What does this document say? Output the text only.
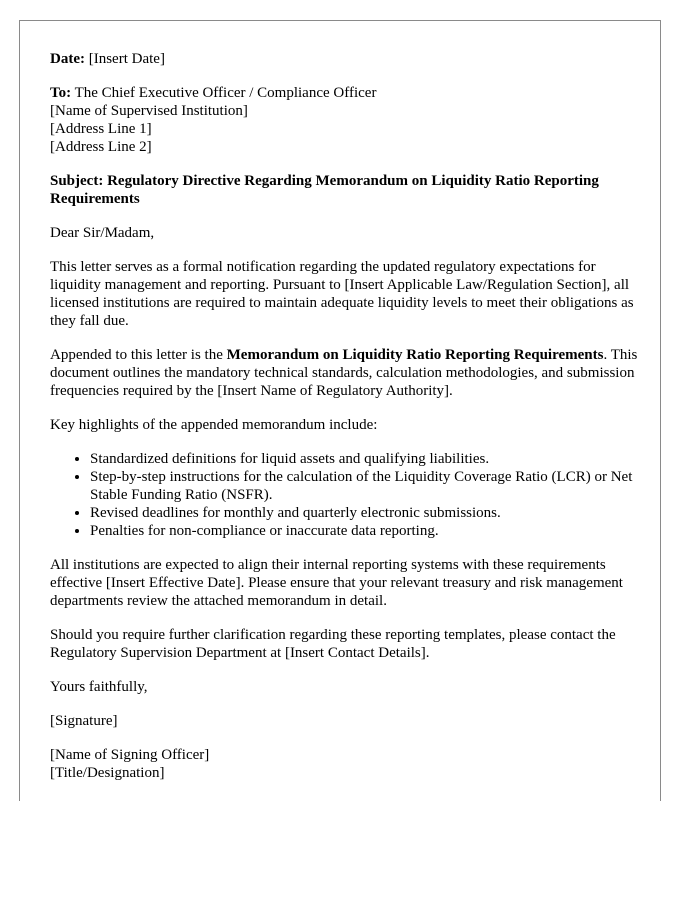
Date: [Insert Date]

To: The Chief Executive Officer / Compliance Officer
[Name of Supervised Institution]
[Address Line 1]
[Address Line 2]

Subject: Regulatory Directive Regarding Memorandum on Liquidity Ratio Reporting Requirements

Dear Sir/Madam,

This letter serves as a formal notification regarding the updated regulatory expectations for liquidity management and reporting. Pursuant to [Insert Applicable Law/Regulation Section], all licensed institutions are required to maintain adequate liquidity levels to meet their obligations as they fall due.

Appended to this letter is the Memorandum on Liquidity Ratio Reporting Requirements. This document outlines the mandatory technical standards, calculation methodologies, and submission frequencies required by the [Insert Name of Regulatory Authority].

Key highlights of the appended memorandum include:

• Standardized definitions for liquid assets and qualifying liabilities.
• Step-by-step instructions for the calculation of the Liquidity Coverage Ratio (LCR) or Net Stable Funding Ratio (NSFR).
• Revised deadlines for monthly and quarterly electronic submissions.
• Penalties for non-compliance or inaccurate data reporting.

All institutions are expected to align their internal reporting systems with these requirements effective [Insert Effective Date]. Please ensure that your relevant treasury and risk management departments review the attached memorandum in detail.

Should you require further clarification regarding these reporting templates, please contact the Regulatory Supervision Department at [Insert Contact Details].

Yours faithfully,

[Signature]

[Name of Signing Officer]
[Title/Designation]
